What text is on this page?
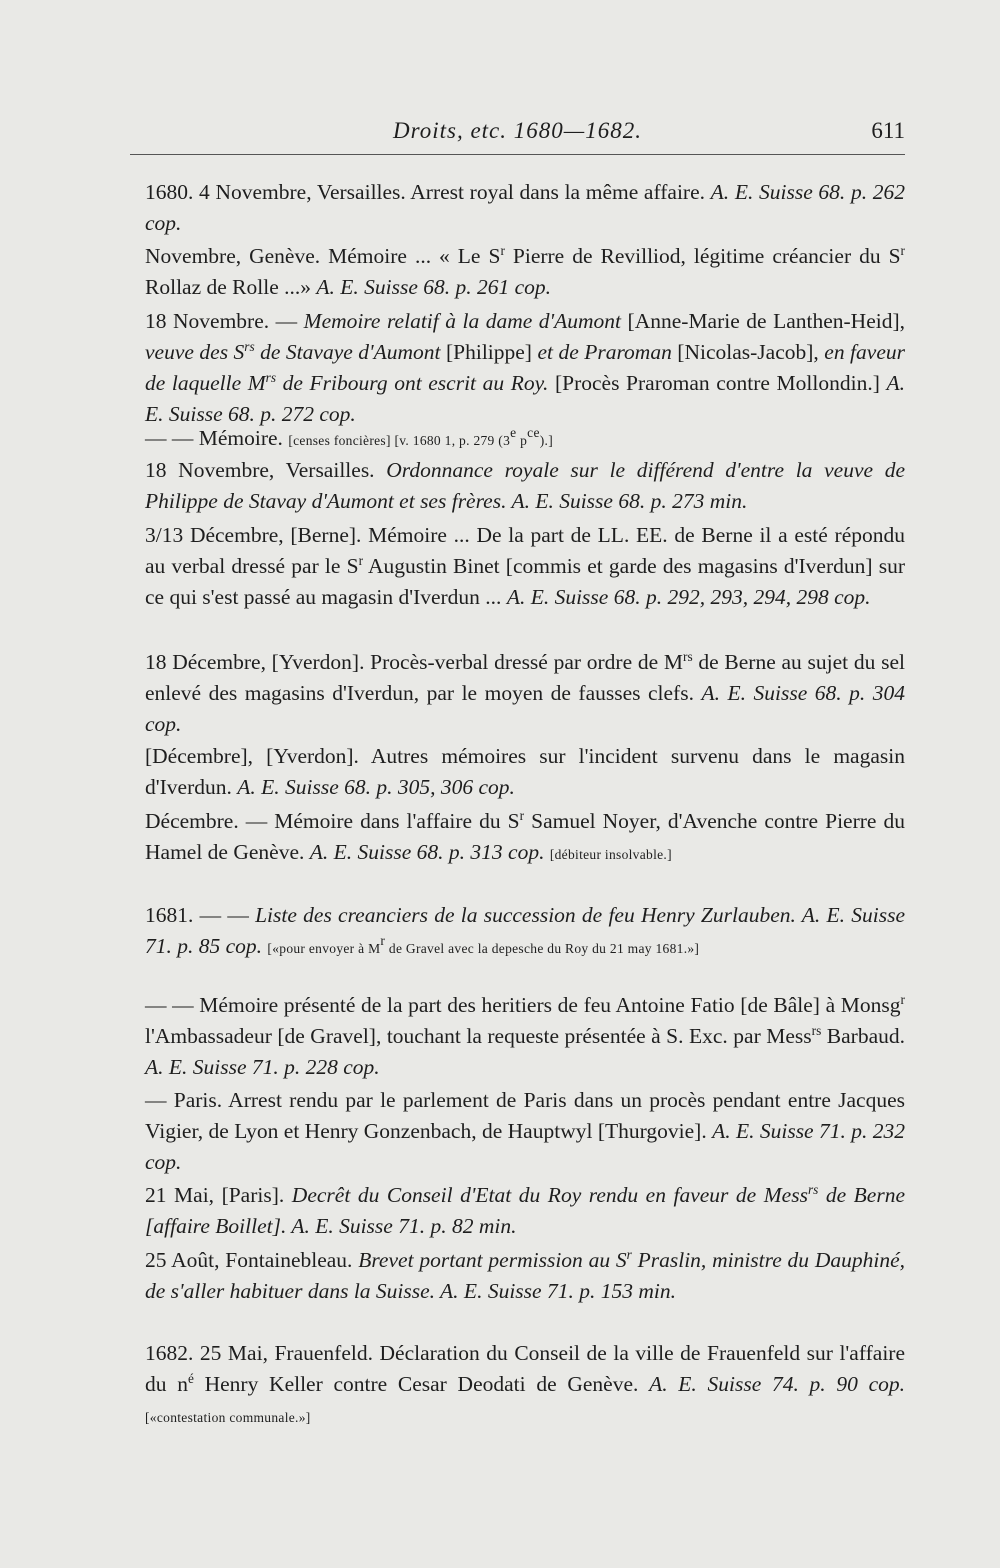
Droits, etc. 1680—1682.	611

1680. 4 Novembre, Versailles. Arrest royal dans la même affaire. A. E. Suisse 68. p. 262 cop.

Novembre, Genève. Mémoire ... « Le $S^r$ Pierre de Revilliod, légitime créancier du $S^r$ Rollaz de Rolle ...» A. E. Suisse 68. p. 261 cop.

18 Novembre. — Memoire relatif à la dame d'Aumont [Anne-Marie de Lanthen-Heid], veuve des $S^{rs}$ de Stavaye d'Aumont [Philippe] et de Praroman [Nicolas-Jacob], en faveur de laquelle $M^{rs}$ de Fribourg ont escrit au Roy. [Procès Praroman contre Mollondin.] A. E. Suisse 68. p. 272 cop.

— — Mémoire. [censes foncières] [v. 1680 1, p. 279 (3e p$^{ce}$).]

18 Novembre, Versailles. Ordonnance royale sur le différend d'entre la veuve de Philippe de Stavay d'Aumont et ses frères. A. E. Suisse 68. p. 273 min.

3/13 Décembre, [Berne]. Mémoire ... De la part de LL. EE. de Berne il a esté répondu au verbal dressé par le $S^r$ Augustin Binet [commis et garde des magasins d'Iverdun] sur ce qui s'est passé au magasin d'Iverdun ... A. E. Suisse 68. p. 292, 293, 294, 298 cop.

18 Décembre, [Yverdon]. Procès-verbal dressé par ordre de $M^{rs}$ de Berne au sujet du sel enlevé des magasins d'Iverdun, par le moyen de fausses clefs. A. E. Suisse 68. p. 304 cop.

[Décembre], [Yverdon]. Autres mémoires sur l'incident survenu dans le magasin d'Iverdun. A. E. Suisse 68. p. 305, 306 cop.

Décembre. — Mémoire dans l'affaire du $S^r$ Samuel Noyer, d'Avenche contre Pierre du Hamel de Genève. A. E. Suisse 68. p. 313 cop. [débiteur insolvable.]

1681. — — Liste des creanciers de la succession de feu Henry Zurlauben. A. E. Suisse 71. p. 85 cop. [«pour envoyer à M$^r$ de Gravel avec la depesche du Roy du 21 may 1681.»]

— — Mémoire présenté de la part des heritiers de feu Antoine Fatio [de Bâle] à Monsg$^r$ l'Ambassadeur [de Gravel], touchant la requeste présentée à S. Exc. par Mess$^{rs}$ Barbaud. A. E. Suisse 71. p. 228 cop.

— Paris. Arrest rendu par le parlement de Paris dans un procès pendant entre Jacques Vigier, de Lyon et Henry Gonzenbach, de Hauptwyl [Thurgovie]. A. E. Suisse 71. p. 232 cop.

21 Mai, [Paris]. Decrêt du Conseil d'Etat du Roy rendu en faveur de Mess$^{rs}$ de Berne [affaire Boillet]. A. E. Suisse 71. p. 82 min.

25 Août, Fontainebleau. Brevet portant permission au $S^r$ Praslin, ministre du Dauphiné, de s'aller habituer dans la Suisse. A. E. Suisse 71. p. 153 min.

1682. 25 Mai, Frauenfeld. Déclaration du Conseil de la ville de Frauenfeld sur l'affaire du $n^é$ Henry Keller contre Cesar Deodati de Genève. A. E. Suisse 74. p. 90 cop. [«contestation communale.»]
